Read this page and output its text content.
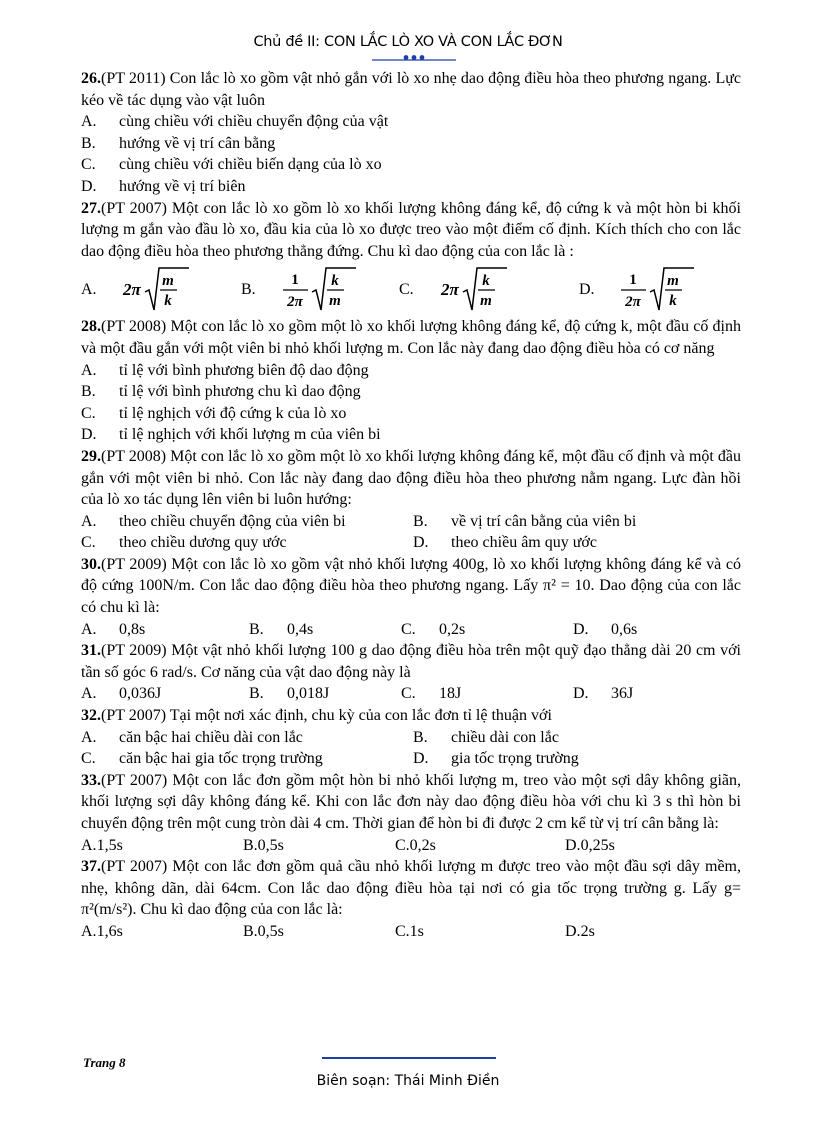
Chủ đề II: CON LẮC LÒ XO VÀ CON LẮC ĐƠN

26.(PT 2011) Con lắc lò xo gồm vật nhỏ gắn với lò xo nhẹ dao động điều hòa theo phương ngang. Lực kéo về tác dụng vào vật luôn

A.	cùng chiều với chiều chuyển động của vật
B.	hướng về vị trí cân bằng
C.	cùng chiều với chiều biến dạng của lò xo
D.	hướng về vị trí biên

27.(PT 2007) Một con lắc lò xo gồm lò xo khối lượng không đáng kể, độ cứng k và một hòn bi khối lượng m gắn vào đầu lò xo, đầu kia của lò xo được treo vào một điểm cố định. Kích thích cho con lắc dao động điều hòa theo phương thẳng đứng. Chu kì dao động của con lắc là :

A.	2π m
k
B.
1
2π
k
m
C.	2π k
m
D.
1
2π
m
k

28.(PT 2008) Một con lắc lò xo gồm một lò xo khối lượng không đáng kể, độ cứng k, một đầu cố định và một đầu gắn với một viên bi nhỏ khối lượng m. Con lắc này đang dao động điều hòa có cơ năng

A.	tỉ lệ với bình phương biên độ dao động
B.	tỉ lệ với bình phương chu kì dao động
C.	tỉ lệ nghịch với độ cứng k của lò xo
D.	tỉ lệ nghịch với khối lượng m của viên bi

29.(PT 2008) Một con lắc lò xo gồm một lò xo khối lượng không đáng kể, một đầu cố định và một đầu gắn với một viên bi nhỏ. Con lắc này đang dao động điều hòa theo phương nằm ngang. Lực đàn hồi của lò xo tác dụng lên viên bi luôn hướng:

A. theo chiều chuyển động của viên bi	B. về vị trí cân bằng của viên bi
C. theo chiều dương quy ước	D. theo chiều âm quy ước

30.(PT 2009) Một con lắc lò xo gồm vật nhỏ khối lượng 400g, lò xo khối lượng không đáng kể và có độ cứng 100N/m. Con lắc dao động điều hòa theo phương ngang. Lấy π² = 10. Dao động của con lắc có chu kì là:

A. 0,8s	B. 0,4s	C. 0,2s	D. 0,6s

31.(PT 2009) Một vật nhỏ khối lượng 100 g dao động điều hòa trên một quỹ đạo thẳng dài 20 cm với tần số góc 6 rad/s. Cơ năng của vật dao động này là

A. 0,036J	B. 0,018J	C. 18J	D. 36J

32.(PT 2007) Tại một nơi xác định, chu kỳ của con lắc đơn tỉ lệ thuận với

A. căn bậc hai chiều dài con lắc	B. chiều dài con lắc
C. căn bậc hai gia tốc trọng trường	D. gia tốc trọng trường

33.(PT 2007) Một con lắc đơn gồm một hòn bi nhỏ khối lượng m, treo vào một sợi dây không giãn, khối lượng sợi dây không đáng kể. Khi con lắc đơn này dao động điều hòa với chu kì 3 s thì hòn bi chuyển động trên một cung tròn dài 4 cm. Thời gian để hòn bi đi được 2 cm kể từ vị trí cân bằng là:

A.1,5s	B.0,5s	C.0,2s	D.0,25s

37.(PT 2007) Một con lắc đơn gồm quả cầu nhỏ khối lượng m được treo vào một đầu sợi dây mềm, nhẹ, không dãn, dài 64cm. Con lắc dao động điều hòa tại nơi có gia tốc trọng trường g. Lấy g= π²(m/s²). Chu kì dao động của con lắc là:

A.1,6s	B.0,5s	C.1s	D.2s
Trang 8
Biên soạn: Thái Minh Điền
